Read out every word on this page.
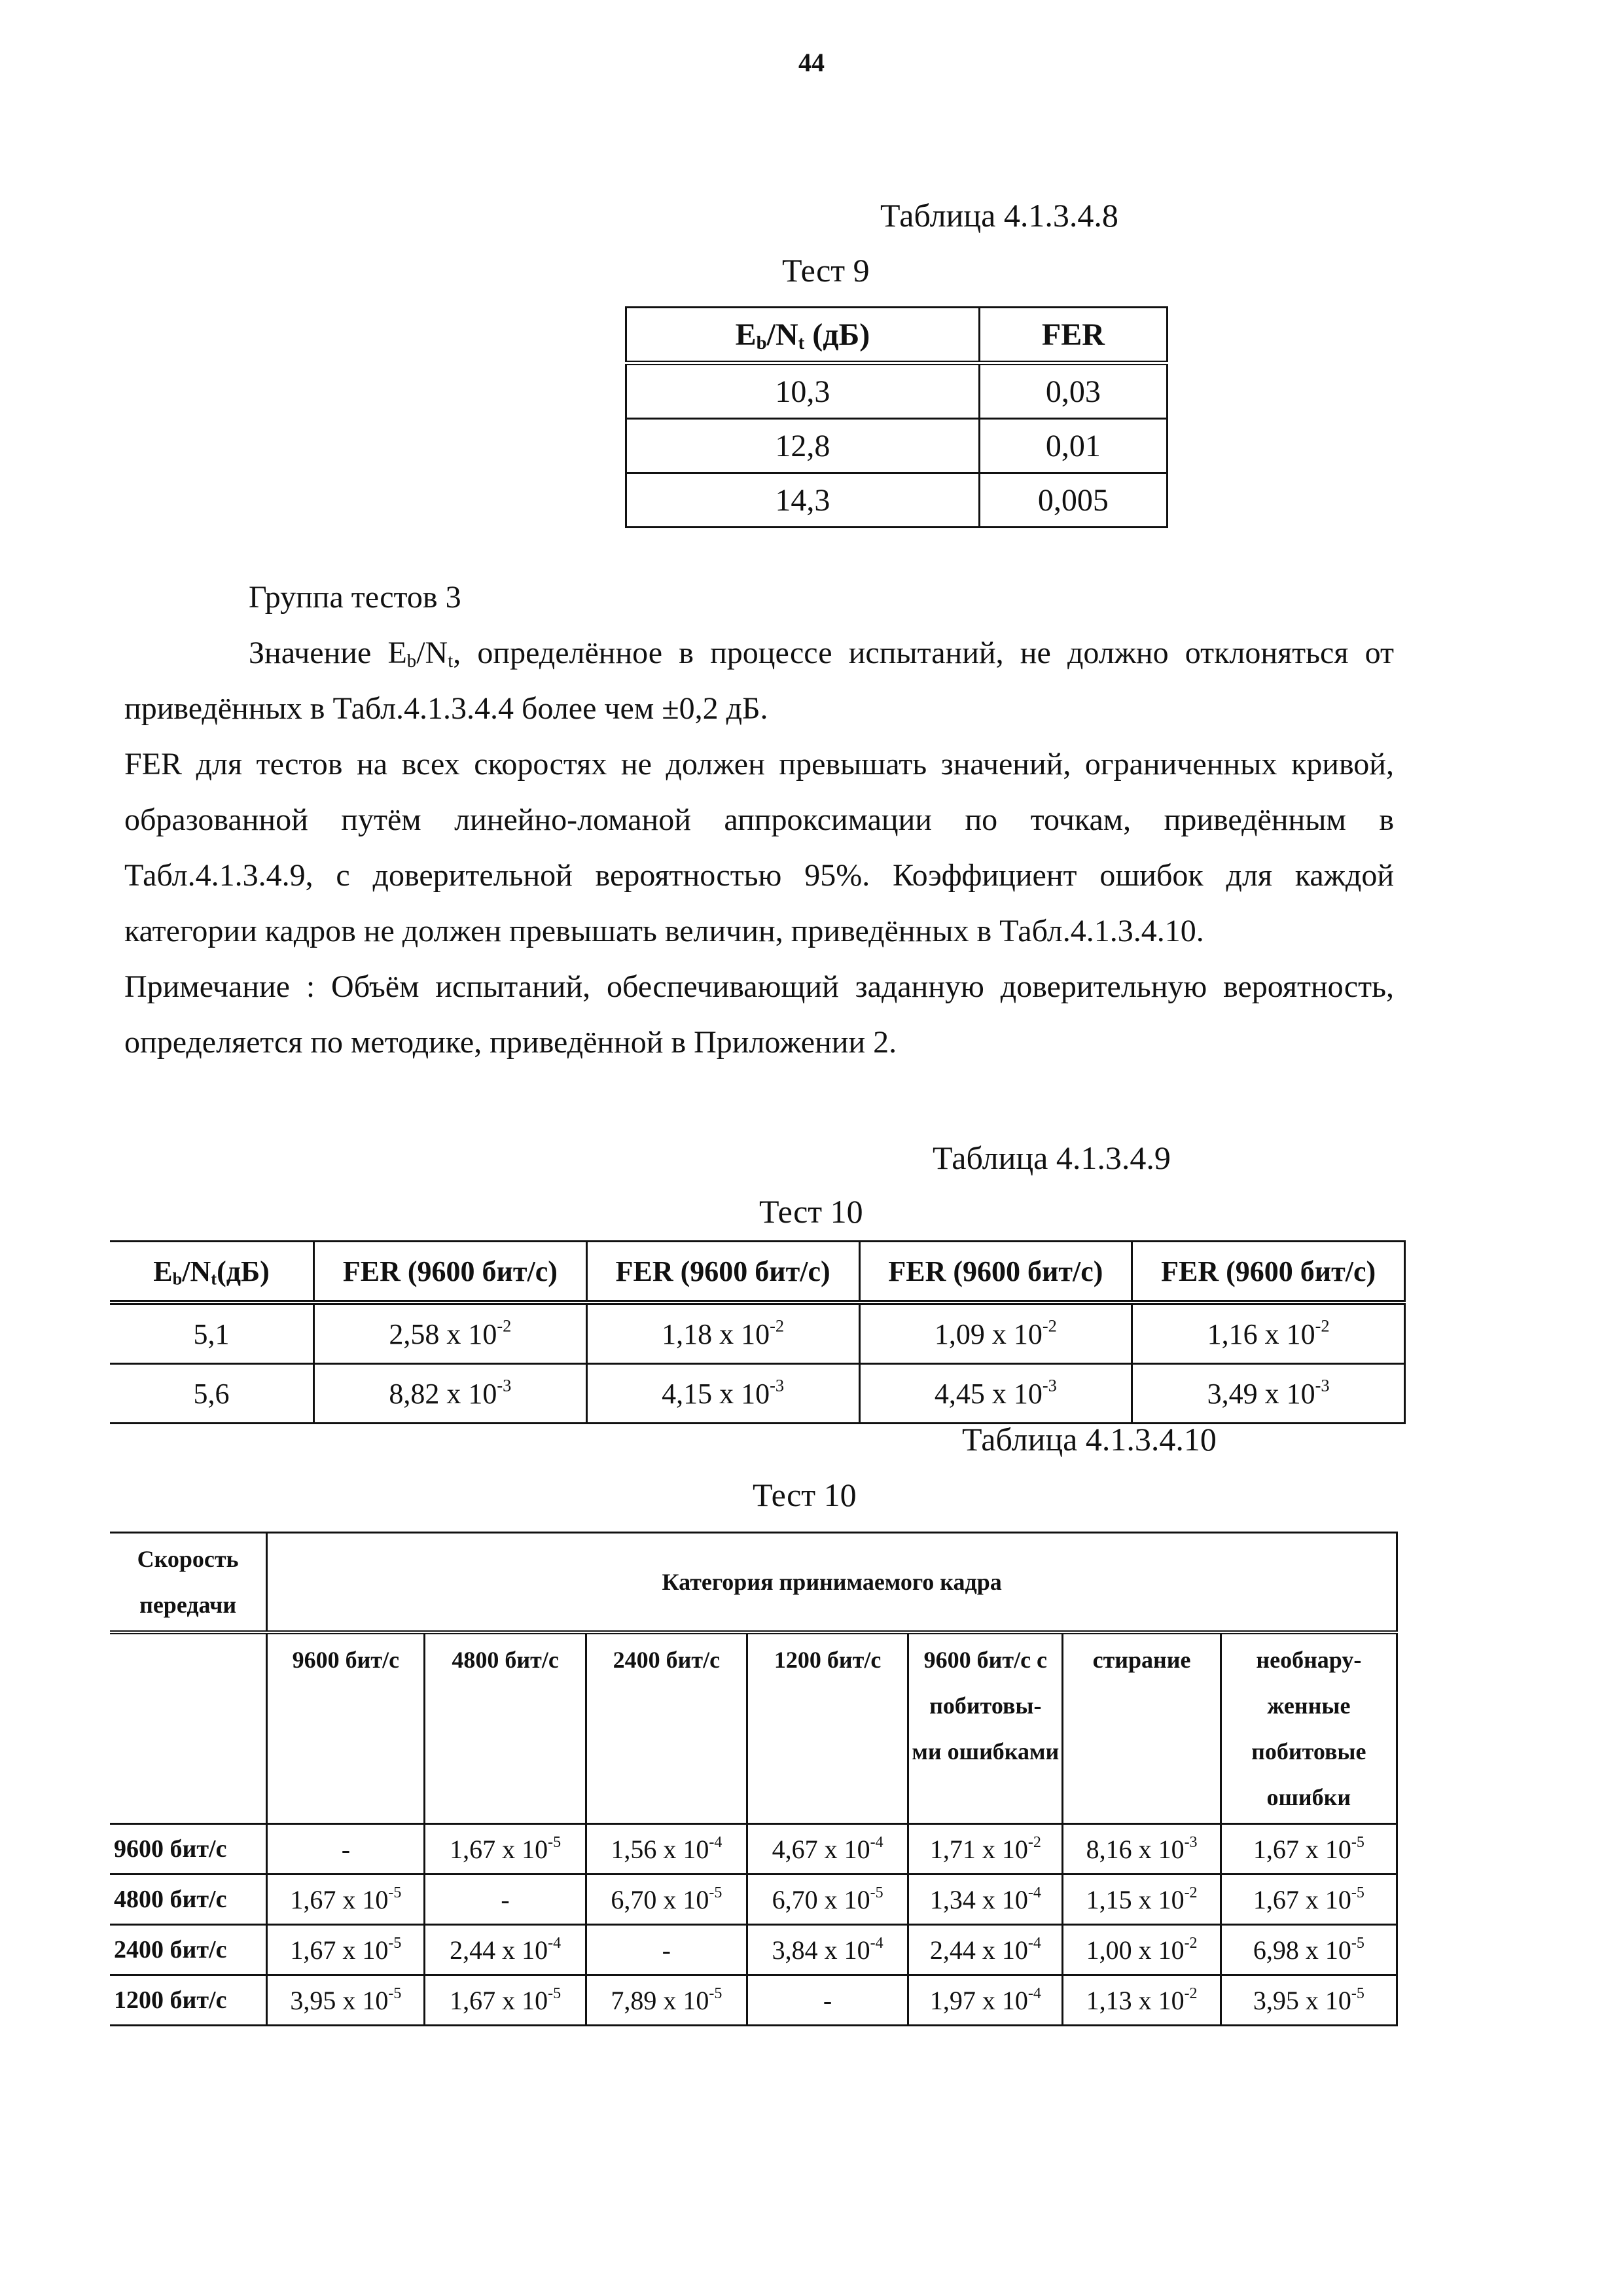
44
Таблица 4.1.3.4.8
Тест 9
$E_b/N_t$ (дБ)	FER
10,3	0,03
12,8	0,01
14,3	0,005

Группа тестов 3

Значение $E_b/N_t$, определённое в процессе испытаний, не должно отклоняться от приведённых в Табл.4.1.3.4.4 более чем ±0,2 дБ.

FER для тестов на всех скоростях не должен превышать значений, ограниченных кривой, образованной путём линейно-ломаной аппроксимации по точкам, приведённым в Табл.4.1.3.4.9, с доверительной вероятностью 95%. Коэффициент ошибок для каждой категории кадров не должен превышать величин, приведённых в Табл.4.1.3.4.10.

Примечание : Объём испытаний, обеспечивающий заданную доверительную вероятность, определяется по методике, приведённой в Приложении 2.

Таблица 4.1.3.4.9
Тест 10
$E_b/N_t(дБ)$	FER (9600 бит/с)	FER (9600 бит/с)	FER (9600 бит/с)	FER (9600 бит/с)
5,1	2,58 х $10^{-2}$	1,18 х $10^{-2}$	1,09 х $10^{-2}$	1,16 х $10^{-2}$
5,6	8,82 х $10^{-3}$	4,15 х $10^{-3}$	4,45 х $10^{-3}$	3,49 х $10^{-3}$
Таблица 4.1.3.4.10
Тест 10
Скорость передачи	Категория принимаемого кадра						
	9600 бит/с	4800 бит/с	2400 бит/с	1200 бит/с	9600 бит/с с побитовы- ми ошибками	стирание	необнару- женные побитовые ошибки
9600 бит/с	-	1,67 х $10^{-5}$	1,56 х $10^{-4}$	4,67 х $10^{-4}$	1,71 х $10^{-2}$	8,16 х $10^{-3}$	1,67 х $10^{-5}$
4800 бит/с	1,67 х $10^{-5}$	-	6,70 х $10^{-5}$	6,70 х $10^{-5}$	1,34 х $10^{-4}$	1,15 х $10^{-2}$	1,67 х $10^{-5}$
2400 бит/с	1,67 х $10^{-5}$	2,44 х $10^{-4}$	-	3,84 х $10^{-4}$	2,44 х $10^{-4}$	1,00 х $10^{-2}$	6,98 х $10^{-5}$
1200 бит/с	3,95 х $10^{-5}$	1,67 х $10^{-5}$	7,89 х $10^{-5}$	-	1,97 х $10^{-4}$	1,13 х $10^{-2}$	3,95 х $10^{-5}$
